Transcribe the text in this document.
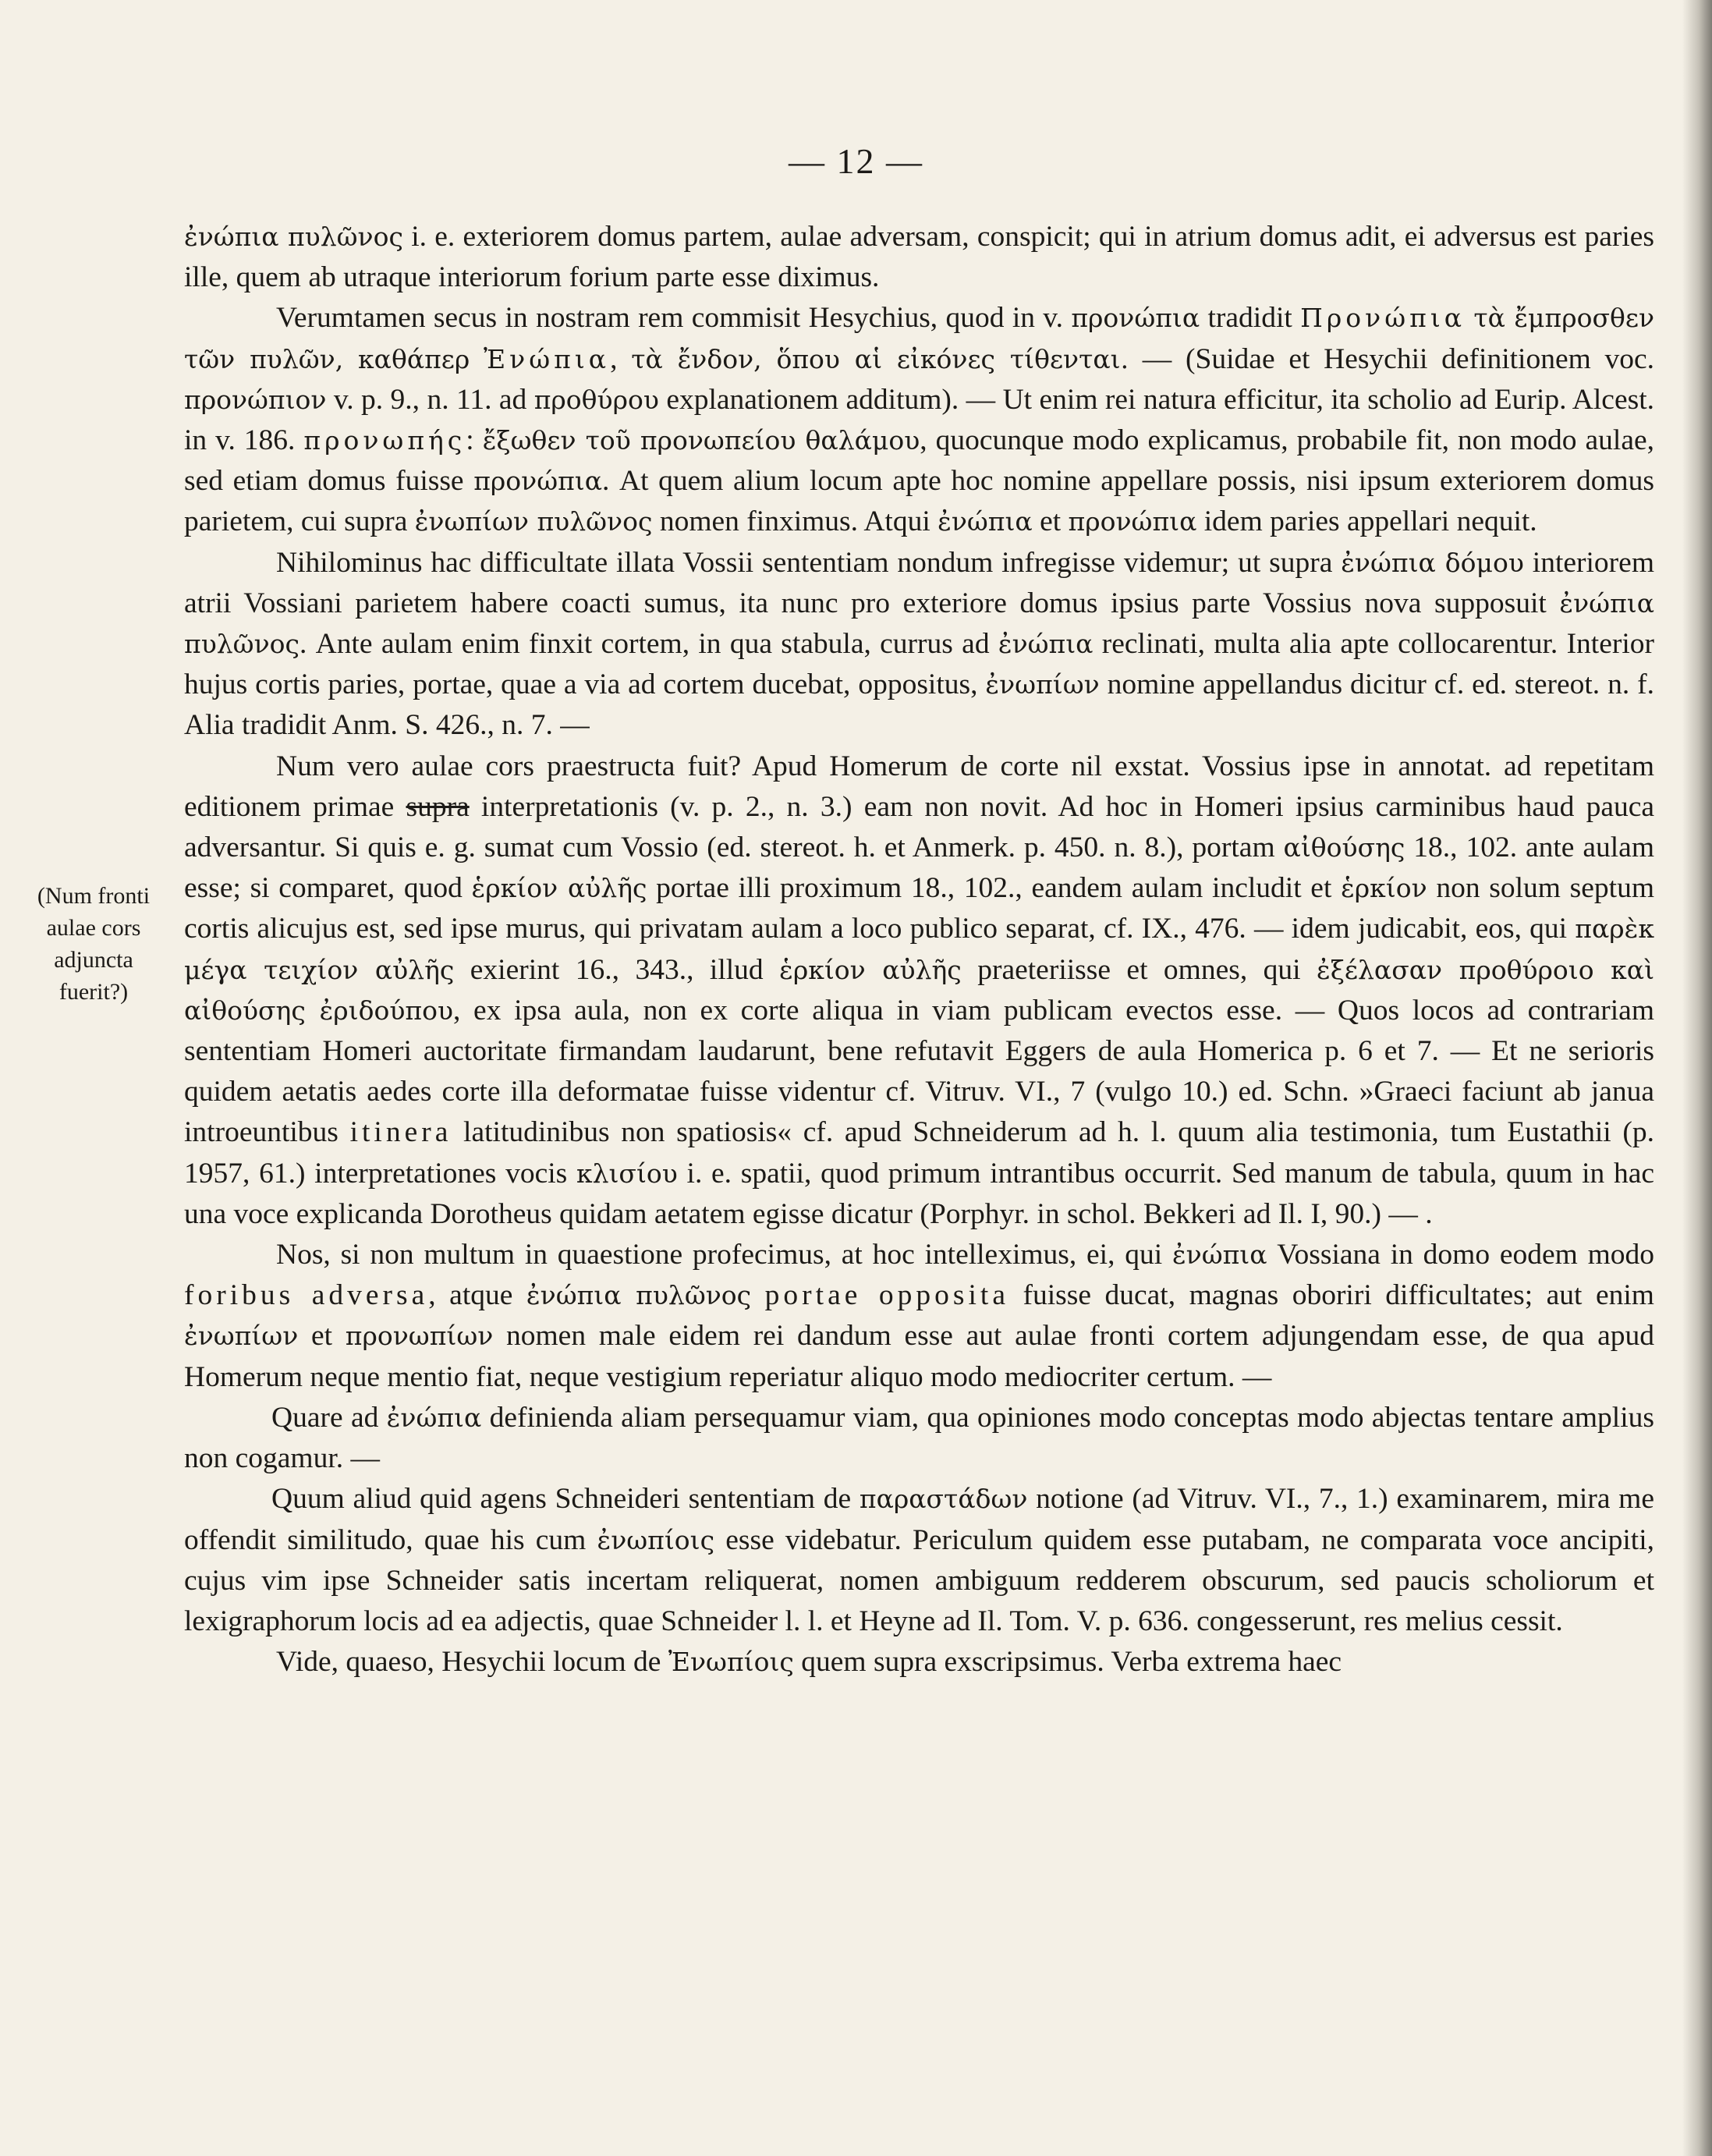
— 12 —
(Num fronti
aulae cors
adjuncta
fuerit?)

ἐνώπια πυλῶνος i. e. exteriorem domus partem, aulae adversam, conspicit; qui in atrium domus adit, ei adversus est paries ille, quem ab utraque interiorum forium parte esse diximus.

Verumtamen secus in nostram rem commisit Hesychius, quod in v. προνώπια tradidit Προνώπια τὰ ἔμπροσθεν τῶν πυλῶν, καθάπερ Ἐνώπια, τὰ ἔνδον, ὅπου αἱ εἰκόνες τίθενται. — (Suidae et Hesychii definitionem voc. προνώπιον v. p. 9., n. 11. ad προθύρου explanationem additum). — Ut enim rei natura efficitur, ita scholio ad Eurip. Alcest. in v. 186. προνωπής: ἔξωθεν τοῦ προνωπείου θαλάμου, quocunque modo explicamus, probabile fit, non modo aulae, sed etiam domus fuisse προνώπια. At quem alium locum apte hoc nomine appellare possis, nisi ipsum exteriorem domus parietem, cui supra ἐνωπίων πυλῶνος nomen finximus. Atqui ἐνώπια et προνώπια idem paries appellari nequit.

Nihilominus hac difficultate illata Vossii sententiam nondum infregisse videmur; ut supra ἐνώπια δόμου interiorem atrii Vossiani parietem habere coacti sumus, ita nunc pro exteriore domus ipsius parte Vossius nova supposuit ἐνώπια πυλῶνος. Ante aulam enim finxit cortem, in qua stabula, currus ad ἐνώπια reclinati, multa alia apte collocarentur. Interior hujus cortis paries, portae, quae a via ad cortem ducebat, oppositus, ἐνωπίων nomine appellandus dicitur cf. ed. stereot. n. f. Alia tradidit Anm. S. 426., n. 7. —

Num vero aulae cors praestructa fuit? Apud Homerum de corte nil exstat. Vossius ipse in annotat. ad repetitam editionem primae supra interpretationis (v. p. 2., n. 3.) eam non novit. Ad hoc in Homeri ipsius carminibus haud pauca adversantur. Si quis e. g. sumat cum Vossio (ed. stereot. h. et Anmerk. p. 450. n. 8.), portam αἰθούσης 18., 102. ante aulam esse; si comparet, quod ἑρκίον αὐλῆς portae illi proximum 18., 102., eandem aulam includit et ἑρκίον non solum septum cortis alicujus est, sed ipse murus, qui privatam aulam a loco publico separat, cf. IX., 476. — idem judicabit, eos, qui παρὲκ μέγα τειχίον αὐλῆς exierint 16., 343., illud ἑρκίον αὐλῆς praeteriisse et omnes, qui ἐξέλασαν προθύροιο καὶ αἰθούσης ἐριδούπου, ex ipsa aula, non ex corte aliqua in viam publicam evectos esse. — Quos locos ad contrariam sententiam Homeri auctoritate firmandam laudarunt, bene refutavit Eggers de aula Homerica p. 6 et 7. — Et ne serioris quidem aetatis aedes corte illa deformatae fuisse videntur cf. Vitruv. VI., 7 (vulgo 10.) ed. Schn. »Graeci faciunt ab janua introeuntibus itinera latitudinibus non spatiosis« cf. apud Schneiderum ad h. l. quum alia testimonia, tum Eustathii (p. 1957, 61.) interpretationes vocis κλισίου i. e. spatii, quod primum intrantibus occurrit. Sed manum de tabula, quum in hac una voce explicanda Dorotheus quidam aetatem egisse dicatur (Porphyr. in schol. Bekkeri ad Il. I, 90.) — .

Nos, si non multum in quaestione profecimus, at hoc intelleximus, ei, qui ἐνώπια Vossiana in domo eodem modo foribus adversa, atque ἐνώπια πυλῶνος portae opposita fuisse ducat, magnas oboriri difficultates; aut enim ἐνωπίων et προνωπίων nomen male eidem rei dandum esse aut aulae fronti cortem adjungendam esse, de qua apud Homerum neque mentio fiat, neque vestigium reperiatur aliquo modo mediocriter certum. —

Quare ad ἐνώπια definienda aliam persequamur viam, qua opiniones modo conceptas modo abjectas tentare amplius non cogamur. —

Quum aliud quid agens Schneideri sententiam de παραστάδων notione (ad Vitruv. VI., 7., 1.) examinarem, mira me offendit similitudo, quae his cum ἐνωπίοις esse videbatur. Periculum quidem esse putabam, ne comparata voce ancipiti, cujus vim ipse Schneider satis incertam reliquerat, nomen ambiguum redderem obscurum, sed paucis scholiorum et lexigraphorum locis ad ea adjectis, quae Schneider l. l. et Heyne ad Il. Tom. V. p. 636. congesserunt, res melius cessit.

Vide, quaeso, Hesychii locum de Ἐνωπίοις quem supra exscripsimus. Verba extrema haec
